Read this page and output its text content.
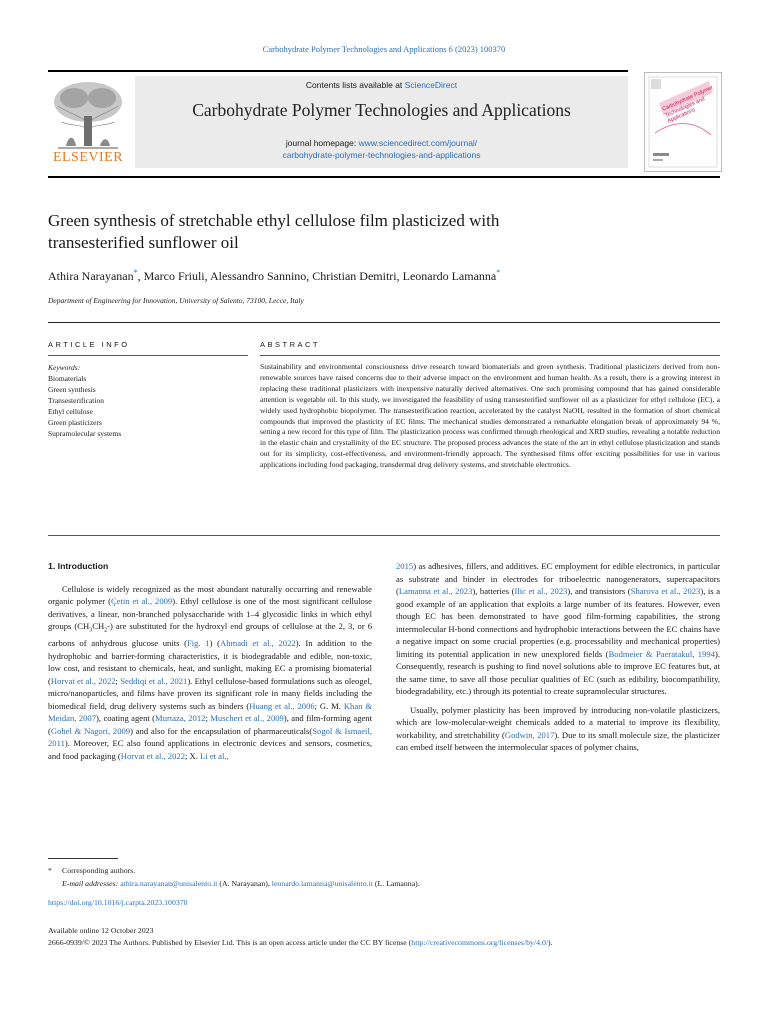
Carbohydrate Polymer Technologies and Applications 6 (2023) 100370
ELSEVIER
Contents lists available at ScienceDirect
Carbohydrate Polymer Technologies and Applications
journal homepage: www.sciencedirect.com/journal/
carbohydrate-polymer-technologies-and-applications
Carbohydrate Polymer Technologies and Applications
Green synthesis of stretchable ethyl cellulose film plasticized with
transesterified sunflower oil
Athira Narayanan*, Marco Friuli, Alessandro Sannino, Christian Demitri, Leonardo Lamanna*
Department of Engineering for Innovation, University of Salento, 73100, Lecce, Italy
ARTICLE INFO
Keywords:
Biomaterials
Green synthesis
Transesterification
Ethyl cellulose
Green plasticizers
Supramolecular systems
ABSTRACT
Sustainability and environmental consciousness drive research toward biomaterials and green synthesis. Traditional plasticizers derived from non-renewable sources have raised concerns due to their adverse impact on the environment and human health. As a result, there is a growing interest in replacing these traditional plasticizers with inexpensive naturally derived alternatives. One such promising compound that has gained considerable attention is vegetable oil. In this study, we investigated the feasibility of using transesterified sunflower oil as a plasticizer for ethyl cellulose (EC), a widely used hydrophobic biopolymer. The transesterification reaction, accelerated by the catalyst NaOH, resulted in the formation of short chemical compounds that improved the plasticity of EC films. The mechanical studies demonstrated a remarkable elongation break of approximately 94 %, setting a new record for this type of film. The plasticization process was confirmed through rheological and XRD studies, revealing a notable reduction in the elastic chain and crystallinity of the EC structure. The proposed process advances the state of the art in ethyl cellulose plasticization and stands out for its simplicity, cost-effectiveness, and environment-friendly approach. The synthesised films offer exciting possibilities for use in various applications including food packaging, transdermal drug delivery systems, and stretchable electronics.
1. Introduction

Cellulose is widely recognized as the most abundant naturally occurring and renewable organic polymer (Çetin et al., 2009). Ethyl cellulose is one of the most significant cellulose derivatives, a linear, non-branched polysaccharide with 1–4 glycosidic links in which ethyl groups $(CH_3CH_2-)$ are substituted for the hydroxyl end groups of cellulose at the 2, 3, or 6 carbons of anhydrous glucose units (Fig. 1) (Ahmadi et al., 2022). In addition to the hydrophobic and barrier-forming characteristics, it is biodegradable and edible, non-toxic, low cost, and resistant to chemicals, heat, and sunlight, making EC a promising biomaterial (Horvat et al., 2022; Seddiqi et al., 2021). Ethyl cellulose-based formulations such as oleogel, micro/nanoparticles, and films have proven its significant role in many fields including the biomedical field, drug delivery systems such as binders (Huang et al., 2006; G. M. Khan & Meidan, 2007), coating agent (Murtaza, 2012; Muschert et al., 2009), and film-forming agent (Gohel & Nagori, 2009) and also for the encapsulation of pharmaceuticals(Sogol & Ismaeil, 2011). Moreover, EC also found applications in electronic devices and sensors, cosmetics, and food packaging (Horvat et al., 2022; X. Li et al.,

2015) as adhesives, fillers, and additives. EC employment for edible electronics, in particular as substrate and binder in electrodes for triboelectric nanogenerators, supercapacitors (Lamanna et al., 2023), batteries (Ilic et al., 2023), and transistors (Sharova et al., 2023), is a good example of an application that exploits a large number of its features. However, even though EC has been demonstrated to have good film-forming capabilities, the strong intermolecular H-bond connections and hydrophobic interactions between the EC chains have a negative impact on some crucial properties (e.g. processability and mechanical properties) limiting its potential application in new unexplored fields (Bodmeier & Paeratakul, 1994). Consequently, research is pushing to find novel solutions able to improve EC features but, at the same time, to save all those peculiar qualities of EC (such as edibility, biocompatibility, biodegradability, etc.) through its potential to create supramolecular structures.

Usually, polymer plasticity has been improved by introducing non-volatile plasticizers, which are low-molecular-weight chemicals added to a material to improve its flexibility, workability, and stretchability (Godwin, 2017). Due to its small molecule size, the plasticizer can embed itself between the intermolecular spaces of polymer chains,

* Corresponding authors.
E-mail addresses: athira.narayanan@unisalento.it (A. Narayanan), leonardo.lamanna@unisalento.it (L. Lamanna).
https://doi.org/10.1016/j.carpta.2023.100370
Available online 12 October 2023
2666-0939/© 2023 The Authors. Published by Elsevier Ltd. This is an open access article under the CC BY license (http://creativecommons.org/licenses/by/4.0/).
